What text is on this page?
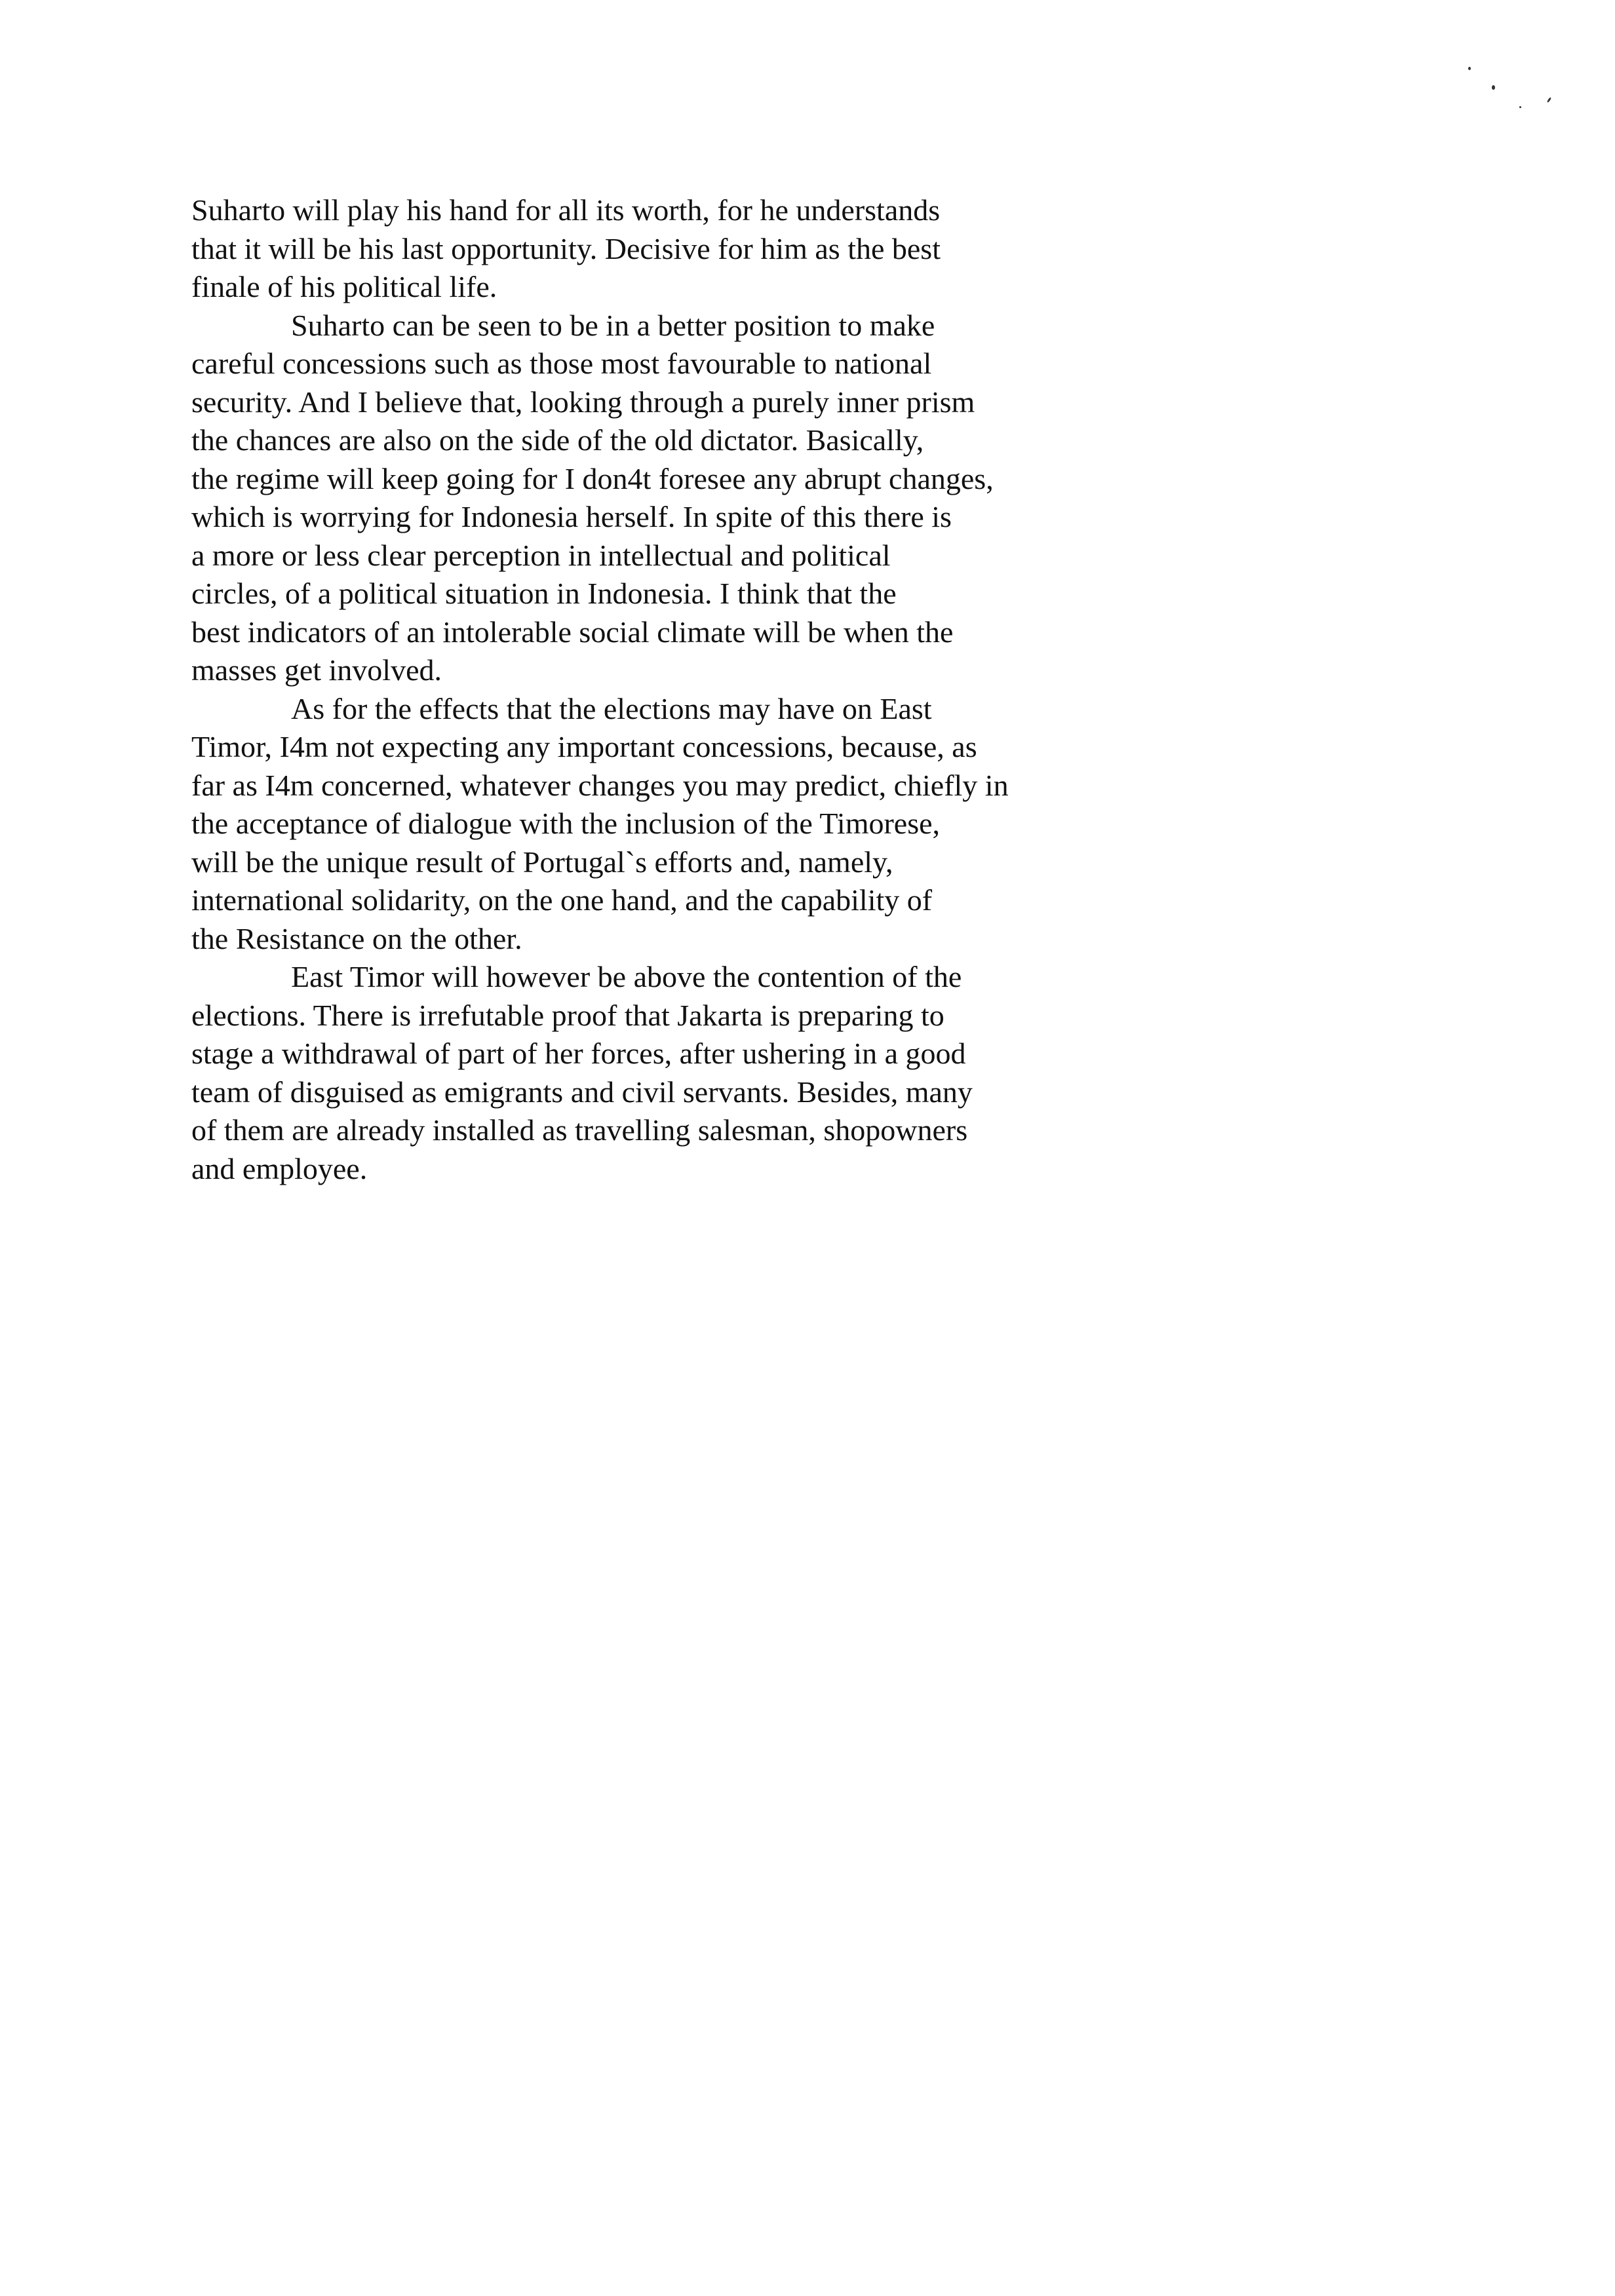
Suharto will play his hand for all its worth, for he understands
that it will be his last opportunity. Decisive for him as the best
finale of his political life.
Suharto can be seen to be in a better position to make
careful concessions such as those most favourable to national
security. And I believe that, looking through a purely inner prism
the chances are also on the side of the old dictator. Basically,
the regime will keep going for I don4t foresee any abrupt changes,
which is worrying for Indonesia herself. In spite of this there is
a more or less clear perception in intellectual and political
circles, of a political situation in Indonesia. I think that the
best indicators of an intolerable social climate will be when the
masses get involved.
As for the effects that the elections may have on East
Timor, I4m not expecting any important concessions, because, as
far as I4m concerned, whatever changes you may predict, chiefly in
the acceptance of dialogue with the inclusion of the Timorese,
will be the unique result of Portugal`s efforts and, namely,
international solidarity, on the one hand, and the capability of
the Resistance on the other.
East Timor will however be above the contention of the
elections. There is irrefutable proof that Jakarta is preparing to
stage a withdrawal of part of her forces, after ushering in a good
team of disguised as emigrants and civil servants. Besides, many
of them are already installed as travelling salesman, shopowners
and employee.
